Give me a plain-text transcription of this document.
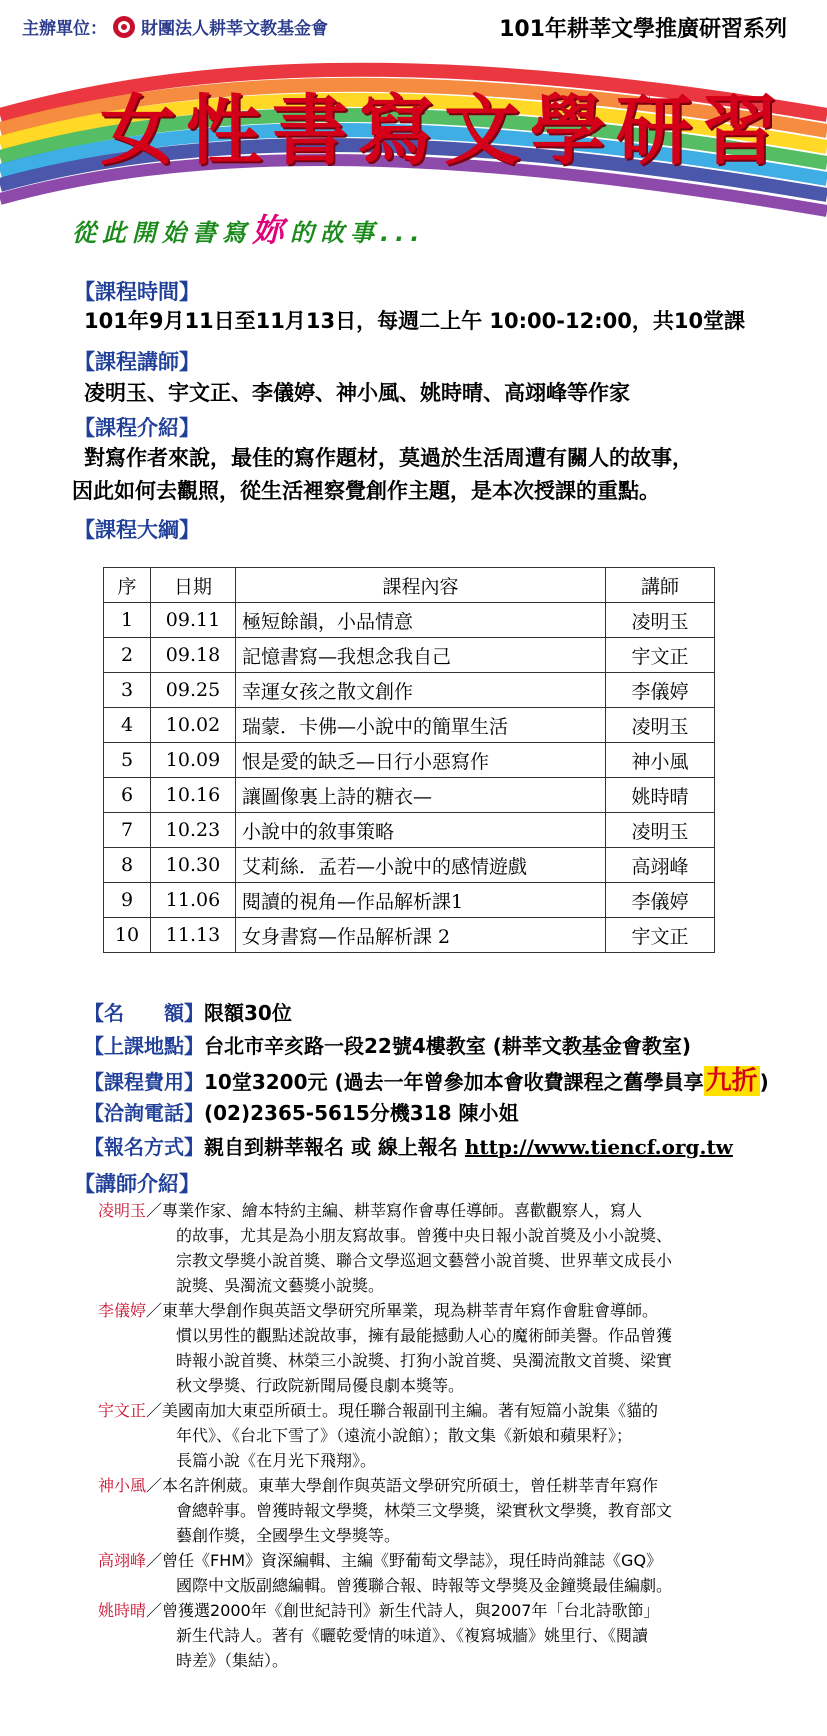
主辦單位： 財團法人耕莘文教基金會	101年耕莘文學推廣研習系列
女性書寫文學研習
從此開始書寫妳的故事...
【課程時間】
101年9月11日至11月13日，每週二上午 10:00-12:00，共10堂課
【課程講師】
凌明玉、宇文正、李儀婷、神小風、姚時晴、高翊峰等作家
【課程介紹】
對寫作者來說，最佳的寫作題材，莫過於生活周遭有關人的故事，
因此如何去觀照，從生活裡察覺創作主題，是本次授課的重點。
【課程大綱】
序	日期	課程內容	講師
1	09.11	極短餘韻，小品情意	凌明玉
2	09.18	記憶書寫—我想念我自己	宇文正
3	09.25	幸運女孩之散文創作	李儀婷
4	10.02	瑞蒙．卡佛—小說中的簡單生活	凌明玉
5	10.09	恨是愛的缺乏—日行小惡寫作	神小風
6	10.16	讓圖像裏上詩的糖衣—	姚時晴
7	10.23	小說中的敘事策略	凌明玉
8	10.30	艾莉絲．孟若—小說中的感情遊戲	高翊峰
9	11.06	閱讀的視角—作品解析課1	李儀婷
10	11.13	女身書寫—作品解析課 2	宇文正
【名　　額】限額30位
【上課地點】台北市辛亥路一段22號4樓教室 (耕莘文教基金會教室)
【課程費用】10堂3200元 (過去一年曾參加本會收費課程之舊學員享九折 )
【洽詢電話】(02)2365-5615分機318 陳小姐
【報名方式】親自到耕莘報名 或 線上報名 http://www.tiencf.org.tw
【講師介紹】
凌明玉／專業作家、繪本特約主編、耕莘寫作會專任導師。喜歡觀察人，寫人
的故事，尤其是為小朋友寫故事。曾獲中央日報小說首獎及小小說獎、
宗教文學獎小說首獎、聯合文學巡迴文藝營小說首獎、世界華文成長小
說獎、吳濁流文藝獎小說獎。
李儀婷／東華大學創作與英語文學研究所畢業，現為耕莘青年寫作會駐會導師。
慣以男性的觀點述說故事，擁有最能撼動人心的魔術師美譽。作品曾獲
時報小說首獎、林榮三小說獎、打狗小說首獎、吳濁流散文首獎、梁實
秋文學獎、行政院新聞局優良劇本獎等。
宇文正／美國南加大東亞所碩士。現任聯合報副刊主編。著有短篇小說集《貓的
年代》、《台北下雪了》（遠流小說館）；散文集《新娘和蘋果籽》；
長篇小說《在月光下飛翔》。
神小風／本名許俐葳。東華大學創作與英語文學研究所碩士，曾任耕莘青年寫作
會總幹事。曾獲時報文學獎，林榮三文學獎，梁實秋文學獎，教育部文
藝創作獎，全國學生文學獎等。
高翊峰／曾任《FHM》資深編輯、主編《野葡萄文學誌》，現任時尚雜誌《GQ》
國際中文版副總編輯。曾獲聯合報、時報等文學獎及金鐘獎最佳編劇。
姚時晴／曾獲選2000年《創世紀詩刊》新生代詩人，與2007年「台北詩歌節」
新生代詩人。著有《曬乾愛情的味道》、《複寫城牆》姚里行、《閱讀
時差》（集結）。
